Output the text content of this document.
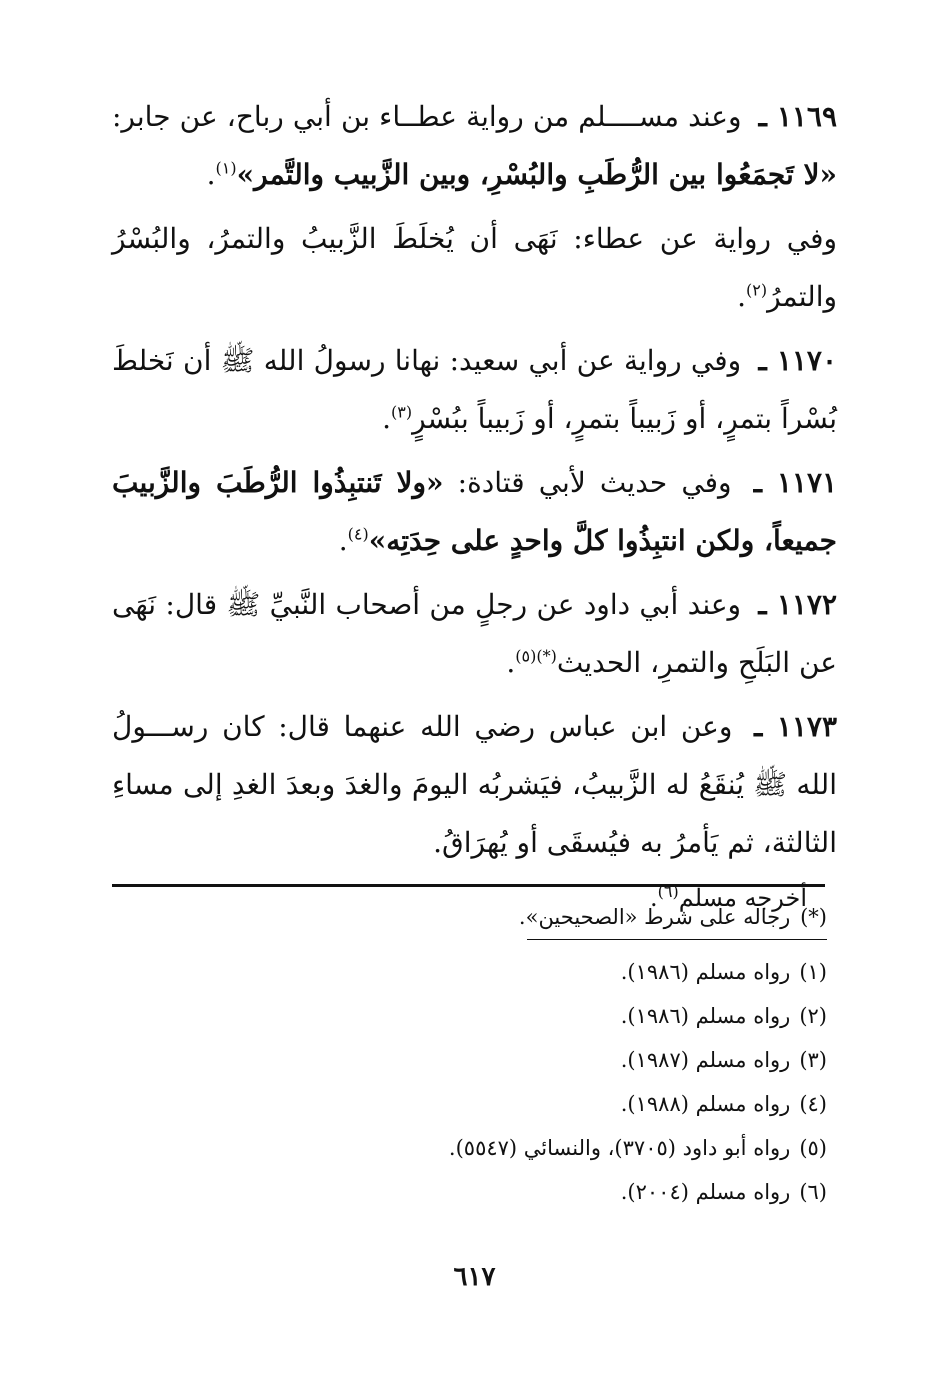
١١٦٩ ـ وعند مســــلم من رواية عطــاء بن أبي رباح، عن جابر: «لا تَجمَعُوا بين الرُّطَبِ والبُسْرِ، وبين الزَّبيب والتَّمر»$^{(١)}$.

وفي رواية عن عطاء: نَهَى أن يُخلَطَ الزَّبيبُ والتمرُ، والبُسْرُ والتمرُ$^{(٢)}$.

١١٧٠ ـ وفي رواية عن أبي سعيد: نهانا رسولُ الله ﷺ أن نَخلطَ بُسْراً بتمرٍ، أو زَبيباً بتمرٍ، أو زَبيباً ببُسْرٍ$^{(٣)}$.

١١٧١ ـ وفي حديث لأبي قتادة: «ولا تَنتبِذُوا الرُّطَبَ والزَّبيبَ جميعاً، ولكن انتبِذُوا كلَّ واحدٍ على حِدَتِه»$^{(٤)}$.

١١٧٢ ـ وعند أبي داود عن رجلٍ من أصحاب النَّبيِّ ﷺ قال: نَهَى عن البَلَحِ والتمرِ، الحديث$^{(*)(٥)}$.

١١٧٣ ـ وعن ابن عباس رضي الله عنهما قال: كان رســـولُ الله ﷺ يُنقَعُ له الزَّبيبُ، فيَشربُه اليومَ والغدَ وبعدَ الغدِ إلى مساءِ الثالثة، ثم يَأمرُ به فيُسقَى أو يُهرَاقُ.

أخرجه مسلم$^{(٦)}$.

(*) رجاله على شرط «الصحيحين».

(١) رواه مسلم (١٩٨٦).

(٢) رواه مسلم (١٩٨٦).

(٣) رواه مسلم (١٩٨٧).

(٤) رواه مسلم (١٩٨٨).

(٥) رواه أبو داود (٣٧٠٥)، والنسائي (٥٥٤٧).

(٦) رواه مسلم (٢٠٠٤).

٦١٧
